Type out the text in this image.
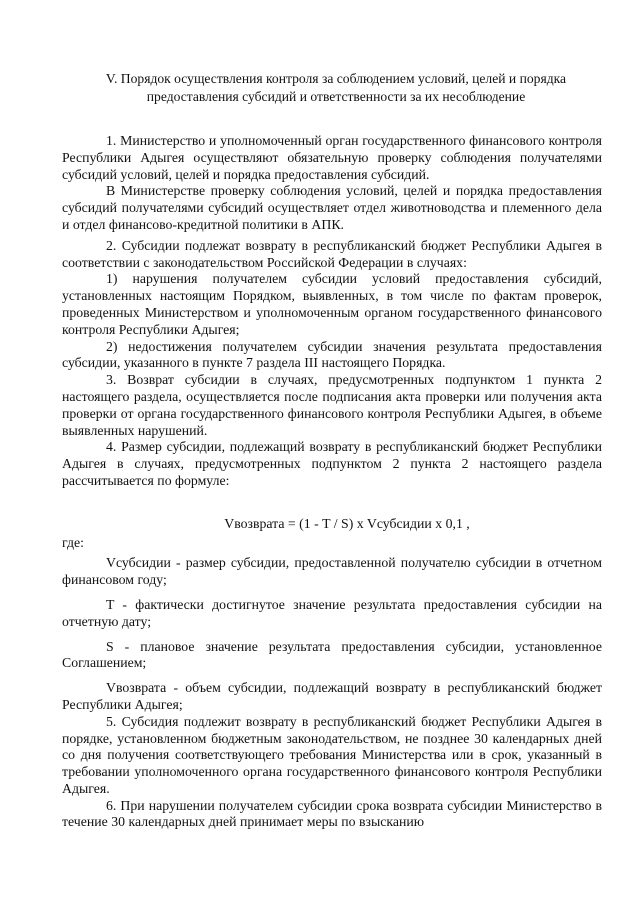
V. Порядок осуществления контроля за соблюдением условий, целей и порядка
предоставления субсидий и ответственности за их несоблюдение

1. Министерство и уполномоченный орган государственного финансового контроля Республики Адыгея осуществляют обязательную проверку соблюдения получателями субсидий условий, целей и порядка предоставления субсидий.

В Министерстве проверку соблюдения условий, целей и порядка предоставления субсидий получателями субсидий осуществляет отдел животноводства и племенного дела и отдел финансово-кредитной политики в АПК.

2. Субсидии подлежат возврату в республиканский бюджет Республики Адыгея в соответствии с законодательством Российской Федерации в случаях:

1) нарушения получателем субсидии условий предоставления субсидий, установленных настоящим Порядком, выявленных, в том числе по фактам проверок, проведенных Министерством и уполномоченным органом государственного финансового контроля Республики Адыгея;

2) недостижения получателем субсидии значения результата предоставления субсидии, указанного в пункте 7 раздела III настоящего Порядка.

3. Возврат субсидии в случаях, предусмотренных подпунктом 1 пункта 2 настоящего раздела, осуществляется после подписания акта проверки или получения акта проверки от органа государственного финансового контроля Республики Адыгея, в объеме выявленных нарушений.

4. Размер субсидии, подлежащий возврату в республиканский бюджет Республики Адыгея в случаях, предусмотренных подпунктом 2 пункта 2 настоящего раздела рассчитывается по формуле:

Vвозврата = (1 - T / S) x Vсубсидии x 0,1 ,

где:

Vсубсидии - размер субсидии, предоставленной получателю субсидии в отчетном финансовом году;

T - фактически достигнутое значение результата предоставления субсидии на отчетную дату;

S - плановое значение результата предоставления субсидии, установленное Соглашением;

Vвозврата - объем субсидии, подлежащий возврату в республиканский бюджет Республики Адыгея;

5. Субсидия подлежит возврату в республиканский бюджет Республики Адыгея в порядке, установленном бюджетным законодательством, не позднее 30 календарных дней со дня получения соответствующего требования Министерства или в срок, указанный в требовании уполномоченного органа государственного финансового контроля Республики Адыгея.

6. При нарушении получателем субсидии срока возврата субсидии Министерство в течение 30 календарных дней принимает меры по взысканию
